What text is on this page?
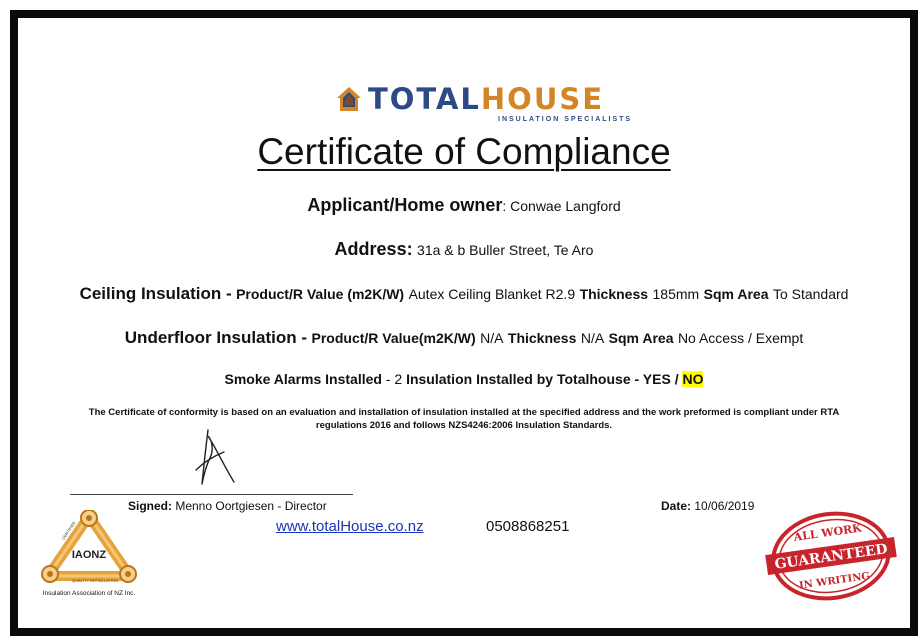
TOTALHOUSE
INSULATION SPECIALISTS
Certificate of Compliance
Applicant/Home owner: Conwae Langford
Address: 31a & b Buller Street, Te Aro
Ceiling Insulation - Product/R Value (m2K/W) Autex Ceiling Blanket R2.9 Thickness 185mm Sqm Area To Standard
Underfloor Insulation - Product/R Value(m2K/W) N/A Thickness N/A Sqm Area No Access / Exempt
Smoke Alarms Installed - 2 Insulation Installed by Totalhouse - YES / NO
The Certificate of conformity is based on an evaluation and installation of insulation installed at the specified address and the work preformed is compliant under RTA regulations 2016 and follows NZS4246:2006 Insulation Standards.
Signed: Menno Oortgiesen - Director	Date: 10/06/2019
www.totalHouse.co.nz	0508868251
IAONZ
CERTIFIED
QUALITY INSTALLATION
Insulation Association of NZ Inc.
ALL WORK
GUARANTEED
IN WRITING
